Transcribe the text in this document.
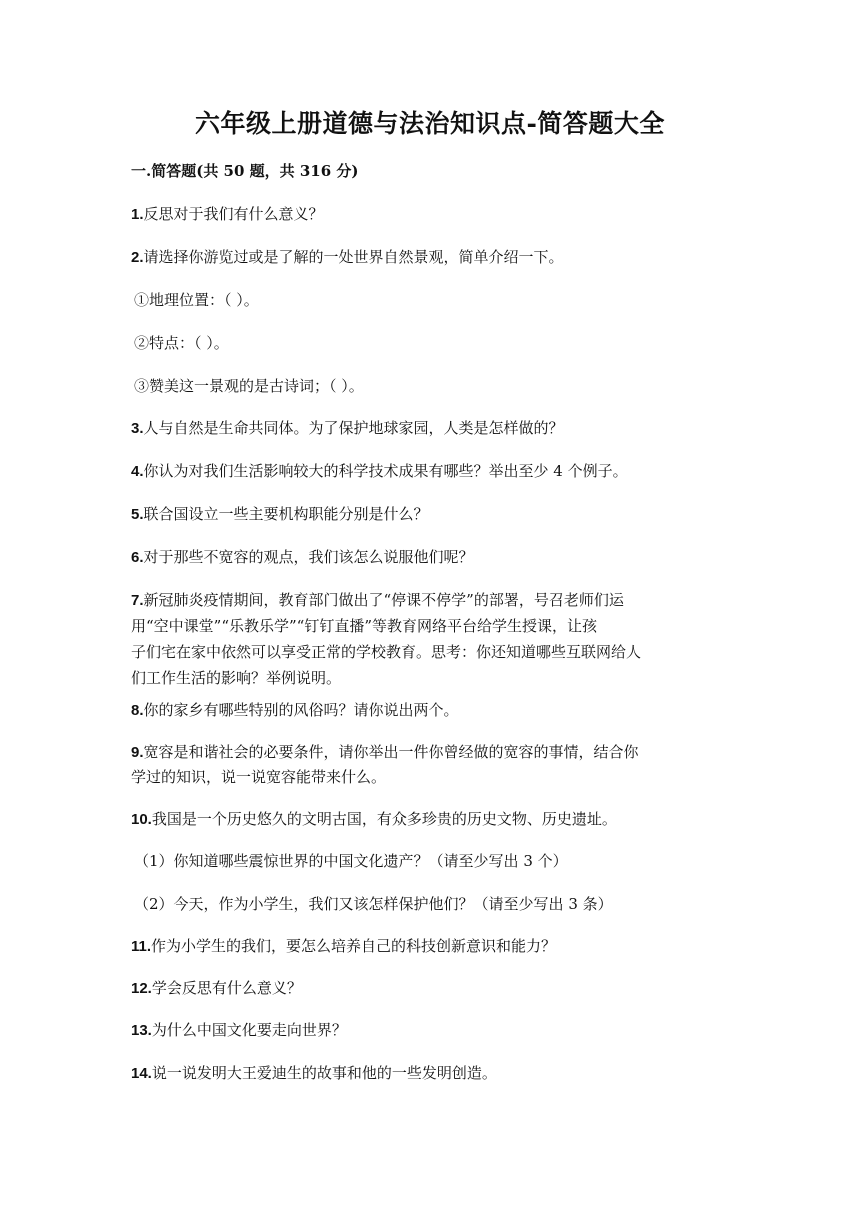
六年级上册道德与法治知识点-简答题大全
一.简答题(共 50 题，共 316 分)
1.反思对于我们有什么意义？
2.请选择你游览过或是了解的一处世界自然景观，简单介绍一下。
①地理位置：（ ）。
②特点：（ ）。
③赞美这一景观的是古诗词；（ ）。
3.人与自然是生命共同体。为了保护地球家园，人类是怎样做的？
4.你认为对我们生活影响较大的科学技术成果有哪些？举出至少 4 个例子。
5.联合国设立一些主要机构职能分别是什么？
6.对于那些不宽容的观点，我们该怎么说服他们呢？
7.新冠肺炎疫情期间，教育部门做出了“停课不停学”的部署，号召老师们运
用“空中课堂”“乐教乐学”“钉钉直播”等教育网络平台给学生授课，让孩
子们宅在家中依然可以享受正常的学校教育。思考：你还知道哪些互联网给人
们工作生活的影响？举例说明。
8.你的家乡有哪些特别的风俗吗？请你说出两个。
9.宽容是和谐社会的必要条件，请你举出一件你曾经做的宽容的事情，结合你
学过的知识，说一说宽容能带来什么。
10.我国是一个历史悠久的文明古国，有众多珍贵的历史文物、历史遗址。
（1）你知道哪些震惊世界的中国文化遗产？（请至少写出 3 个）
（2）今天，作为小学生，我们又该怎样保护他们？（请至少写出 3 条）
11.作为小学生的我们，要怎么培养自己的科技创新意识和能力？
12.学会反思有什么意义？
13.为什么中国文化要走向世界？
14.说一说发明大王爱迪生的故事和他的一些发明创造。
